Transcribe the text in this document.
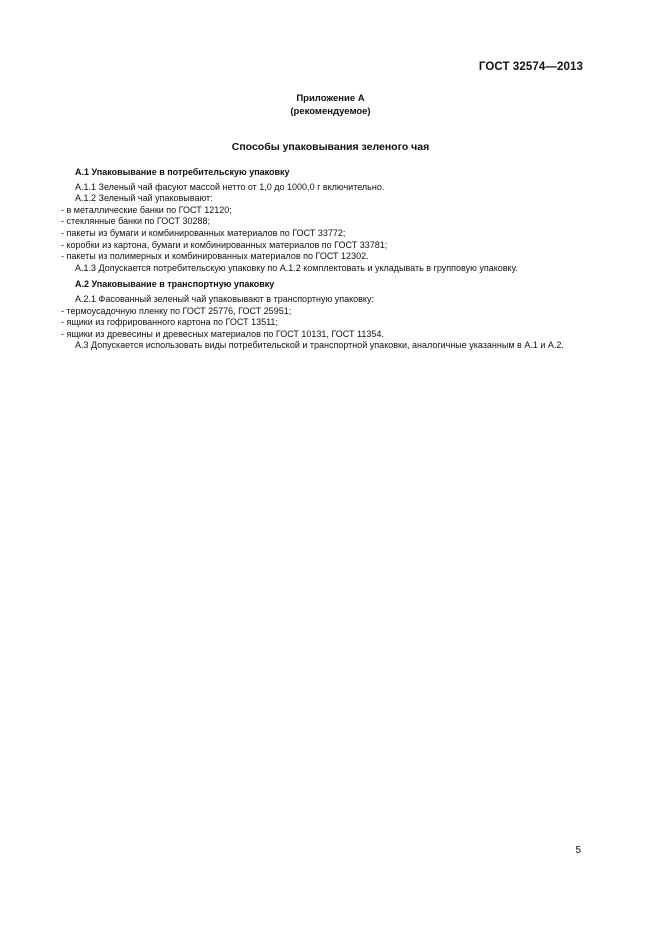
ГОСТ 32574—2013
Приложение А
(рекомендуемое)
Способы упаковывания зеленого чая

А.1 Упаковывание в потребительскую упаковку

А.1.1 Зеленый чай фасуют массой нетто от 1,0 до 1000,0 г включительно.

А.1.2 Зеленый чай упаковывают:

- в металлические банки по ГОСТ 12120;

- стеклянные банки по ГОСТ 30288;

- пакеты из бумаги и комбинированных материалов по ГОСТ 33772;

- коробки из картона, бумаги и комбинированных материалов по ГОСТ 33781;

- пакеты из полимерных и комбинированных материалов по ГОСТ 12302.

А.1.3 Допускается потребительскую упаковку по А.1.2 комплектовать и укладывать в групповую упаковку.

А.2 Упаковывание в транспортную упаковку

А.2.1 Фасованный зеленый чай упаковывают в транспортную упаковку:

- термоусадочную пленку по ГОСТ 25776, ГОСТ 25951;

- ящики из гофрированного картона по ГОСТ 13511;

- ящики из древесины и древесных материалов по ГОСТ 10131, ГОСТ 11354.

А.3 Допускается использовать виды потребительской и транспортной упаковки, аналогичные указанным в А.1 и А.2.

5
